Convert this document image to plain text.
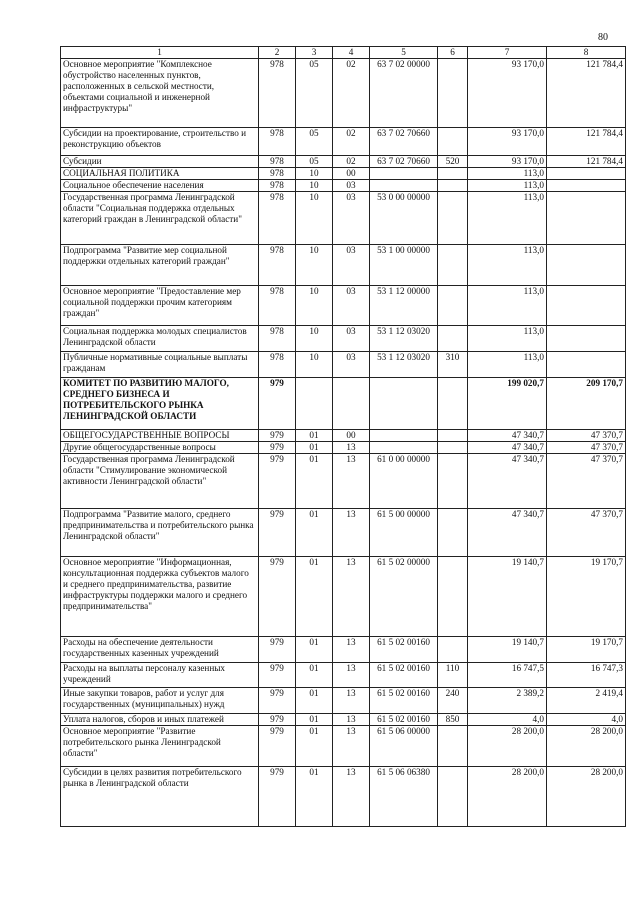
80
1	2	3	4	5	6	7	8
Основное мероприятие "Комплексное обустройство населенных пунктов, расположенных в сельской местности, объектами социальной и инженерной инфраструктуры"	978	05	02	63 7 02 00000		93 170,0	121 784,4
Субсидии на проектирование, строительство и реконструкцию объектов	978	05	02	63 7 02 70660		93 170,0	121 784,4
Субсидии	978	05	02	63 7 02 70660	520	93 170,0	121 784,4
СОЦИАЛЬНАЯ ПОЛИТИКА	978	10	00			113,0	
Социальное обеспечение населения	978	10	03			113,0	
Государственная программа Ленинградской области "Социальная поддержка отдельных категорий граждан в Ленинградской области"	978	10	03	53 0 00 00000		113,0	
Подпрограмма "Развитие мер социальной поддержки отдельных категорий граждан"	978	10	03	53 1 00 00000		113,0	
Основное мероприятие "Предоставление мер социальной поддержки прочим категориям граждан"	978	10	03	53 1 12 00000		113,0	
Социальная поддержка молодых специалистов Ленинградской области	978	10	03	53 1 12 03020		113,0	
Публичные нормативные социальные выплаты гражданам	978	10	03	53 1 12 03020	310	113,0	
КОМИТЕТ ПО РАЗВИТИЮ МАЛОГО, СРЕДНЕГО БИЗНЕСА И ПОТРЕБИТЕЛЬСКОГО РЫНКА ЛЕНИНГРАДСКОЙ ОБЛАСТИ	979					199 020,7	209 170,7
ОБЩЕГОСУДАРСТВЕННЫЕ ВОПРОСЫ	979	01	00			47 340,7	47 370,7
Другие общегосударственные вопросы	979	01	13			47 340,7	47 370,7
Государственная программа Ленинградской области "Стимулирование экономической активности Ленинградской области"	979	01	13	61 0 00 00000		47 340,7	47 370,7
Подпрограмма "Развитие малого, среднего предпринимательства и потребительского рынка Ленинградской области"	979	01	13	61 5 00 00000		47 340,7	47 370,7
Основное мероприятие "Информационная, консультационная поддержка субъектов малого и среднего предпринимательства, развитие инфраструктуры поддержки малого и среднего предпринимательства"	979	01	13	61 5 02 00000		19 140,7	19 170,7
Расходы на обеспечение деятельности государственных казенных учреждений	979	01	13	61 5 02 00160		19 140,7	19 170,7
Расходы на выплаты персоналу казенных учреждений	979	01	13	61 5 02 00160	110	16 747,5	16 747,3
Иные закупки товаров, работ и услуг для государственных (муниципальных) нужд	979	01	13	61 5 02 00160	240	2 389,2	2 419,4
Уплата налогов, сборов и иных платежей	979	01	13	61 5 02 00160	850	4,0	4,0
Основное мероприятие "Развитие потребительского рынка Ленинградской области"	979	01	13	61 5 06 00000		28 200,0	28 200,0
Субсидии в целях развития потребительского рынка в Ленинградской области	979	01	13	61 5 06 06380		28 200,0	28 200,0
